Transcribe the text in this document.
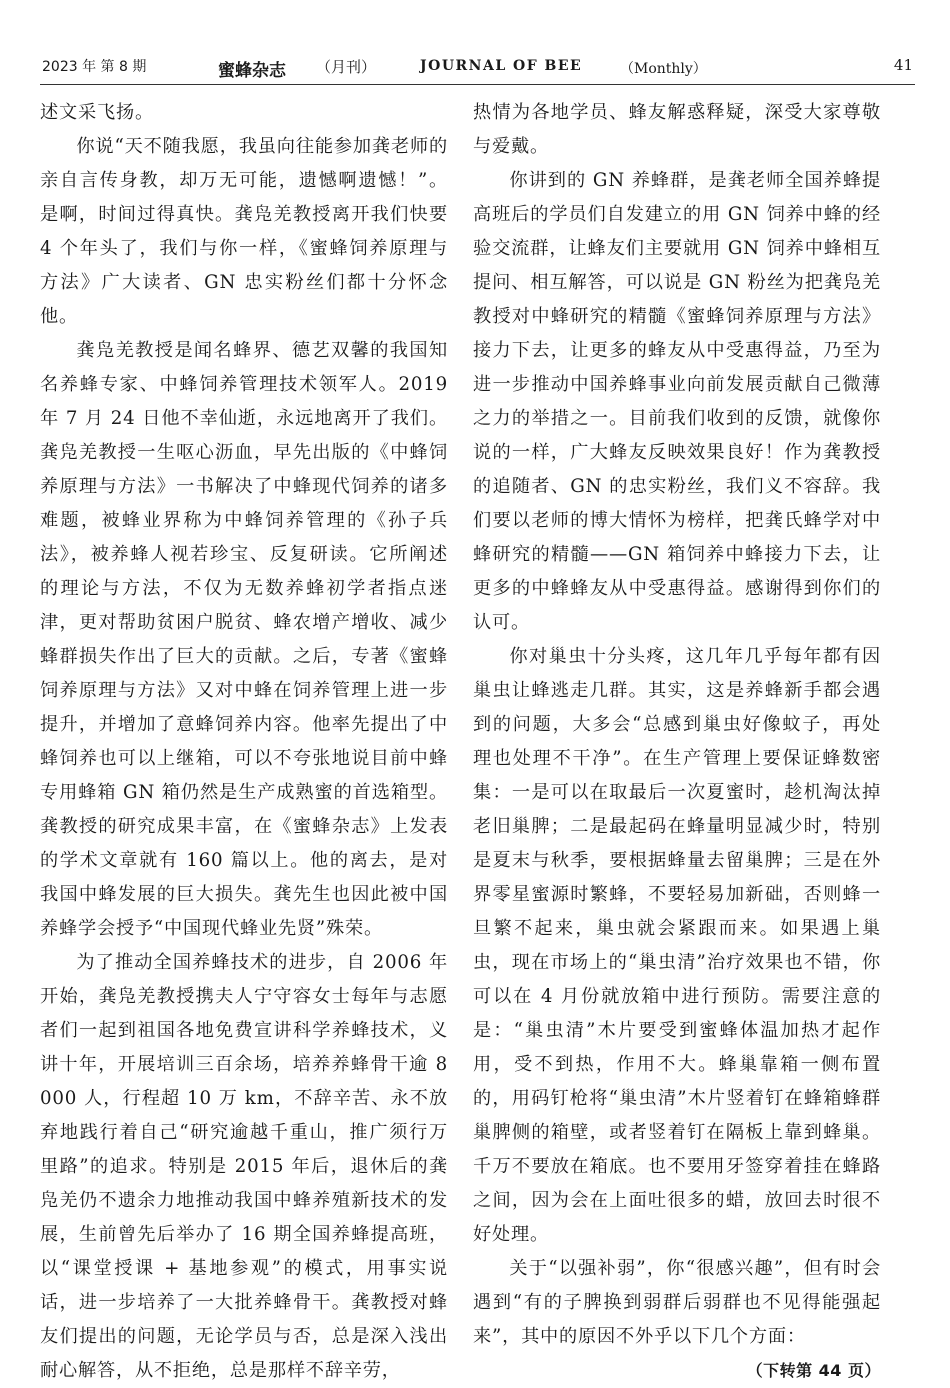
2023 年 第 8 期	蜜蜂杂志 （月刊）	JOURNAL OF BEE	（Monthly）	41

述文采飞扬。

你说“天不随我愿，我虽向往能参加龚老师的亲自言传身教，却万无可能，遗憾啊遗憾！”。是啊，时间过得真快。龚凫羌教授离开我们快要 4 个年头了，我们与你一样，《蜜蜂饲养原理与方法》广大读者、GN 忠实粉丝们都十分怀念他。

龚凫羌教授是闻名蜂界、德艺双馨的我国知名养蜂专家、中蜂饲养管理技术领军人。2019 年 7 月 24 日他不幸仙逝，永远地离开了我们。龚凫羌教授一生呕心沥血，早先出版的《中蜂饲养原理与方法》一书解决了中蜂现代饲养的诸多难题，被蜂业界称为中蜂饲养管理的《孙子兵法》，被养蜂人视若珍宝、反复研读。它所阐述的理论与方法，不仅为无数养蜂初学者指点迷津，更对帮助贫困户脱贫、蜂农增产增收、减少蜂群损失作出了巨大的贡献。之后，专著《蜜蜂饲养原理与方法》又对中蜂在饲养管理上进一步提升，并增加了意蜂饲养内容。他率先提出了中蜂饲养也可以上继箱，可以不夸张地说目前中蜂专用蜂箱 GN 箱仍然是生产成熟蜜的首选箱型。龚教授的研究成果丰富，在《蜜蜂杂志》上发表的学术文章就有 160 篇以上。他的离去，是对我国中蜂发展的巨大损失。龚先生也因此被中国养蜂学会授予“中国现代蜂业先贤”殊荣。

为了推动全国养蜂技术的进步，自 2006 年开始，龚凫羌教授携夫人宁守容女士每年与志愿者们一起到祖国各地免费宣讲科学养蜂技术，义讲十年，开展培训三百余场，培养养蜂骨干逾 8 000 人，行程超 10 万 km，不辞辛苦、永不放弃地践行着自己“研究逾越千重山，推广须行万里路”的追求。特别是 2015 年后，退休后的龚凫羌仍不遗余力地推动我国中蜂养殖新技术的发展，生前曾先后举办了 16 期全国养蜂提高班，以“课堂授课 + 基地参观”的模式，用事实说话，进一步培养了一大批养蜂骨干。龚教授对蜂友们提出的问题，无论学员与否，总是深入浅出耐心解答，从不拒绝，总是那样不辞辛劳，

热情为各地学员、蜂友解惑释疑，深受大家尊敬与爱戴。

你讲到的 GN 养蜂群，是龚老师全国养蜂提高班后的学员们自发建立的用 GN 饲养中蜂的经验交流群，让蜂友们主要就用 GN 饲养中蜂相互提问、相互解答，可以说是 GN 粉丝为把龚凫羌教授对中蜂研究的精髓《蜜蜂饲养原理与方法》接力下去，让更多的蜂友从中受惠得益，乃至为进一步推动中国养蜂事业向前发展贡献自己微薄之力的举措之一。目前我们收到的反馈，就像你说的一样，广大蜂友反映效果良好！作为龚教授的追随者、GN 的忠实粉丝，我们义不容辞。我们要以老师的博大情怀为榜样，把龚氏蜂学对中蜂研究的精髓——GN 箱饲养中蜂接力下去，让更多的中蜂蜂友从中受惠得益。感谢得到你们的认可。

你对巢虫十分头疼，这几年几乎每年都有因巢虫让蜂逃走几群。其实，这是养蜂新手都会遇到的问题，大多会“总感到巢虫好像蚊子，再处理也处理不干净”。在生产管理上要保证蜂数密集：一是可以在取最后一次夏蜜时，趁机淘汰掉老旧巢脾；二是最起码在蜂量明显减少时，特别是夏末与秋季，要根据蜂量去留巢脾；三是在外界零星蜜源时繁蜂，不要轻易加新础，否则蜂一旦繁不起来，巢虫就会紧跟而来。如果遇上巢虫，现在市场上的“巢虫清”治疗效果也不错，你可以在 4 月份就放箱中进行预防。需要注意的是：“巢虫清”木片要受到蜜蜂体温加热才起作用，受不到热，作用不大。蜂巢靠箱一侧布置的，用码钉枪将“巢虫清”木片竖着钉在蜂箱蜂群巢脾侧的箱壁，或者竖着钉在隔板上靠到蜂巢。千万不要放在箱底。也不要用牙签穿着挂在蜂路之间，因为会在上面吐很多的蜡，放回去时很不好处理。

关于“以强补弱”，你“很感兴趣”，但有时会遇到“有的子脾换到弱群后弱群也不见得能强起来”，其中的原因不外乎以下几个方面：

（下转第 44 页）
